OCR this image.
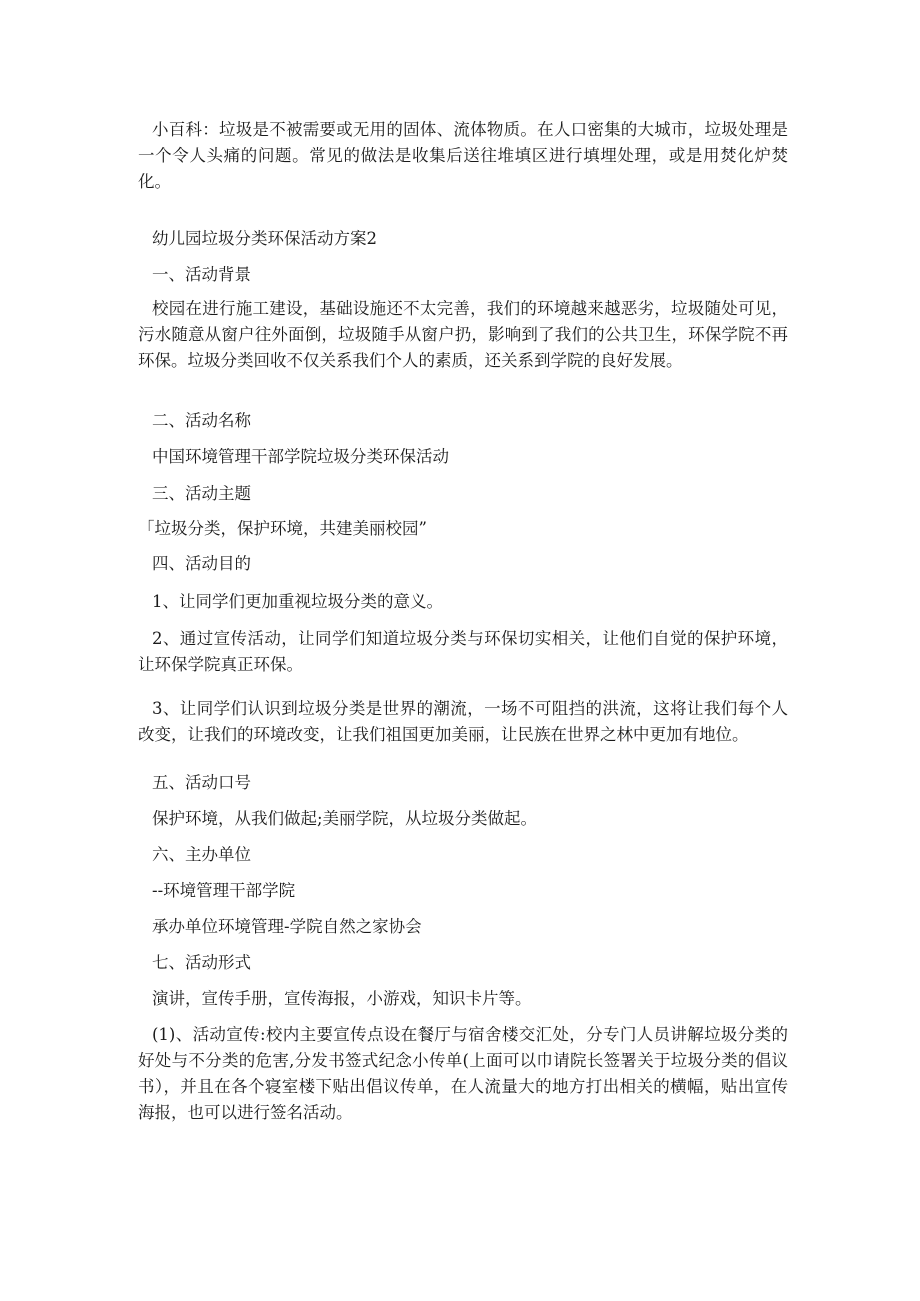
小百科：垃圾是不被需要或无用的固体、流体物质。在人口密集的大城市，垃圾处理是一个令人头痛的问题。常见的做法是收集后送往堆填区进行填埋处理，或是用焚化炉焚化。

幼儿园垃圾分类环保活动方案2

一、活动背景

校园在进行施工建设，基础设施还不太完善，我们的环境越来越恶劣，垃圾随处可见，污水随意从窗户往外面倒，垃圾随手从窗户扔，影响到了我们的公共卫生，环保学院不再环保。垃圾分类回收不仅关系我们个人的素质，还关系到学院的良好发展。

二、活动名称

中国环境管理干部学院垃圾分类环保活动

三、活动主题

「垃圾分类，保护环境，共建美丽校园”

四、活动目的

1、让同学们更加重视垃圾分类的意义。

2、通过宣传活动，让同学们知道垃圾分类与环保切实相关，让他们自觉的保护环境，让环保学院真正环保。

3、让同学们认识到垃圾分类是世界的潮流，一场不可阻挡的洪流，这将让我们每个人改变，让我们的环境改变，让我们祖国更加美丽，让民族在世界之林中更加有地位。

五、活动口号

保护环境，从我们做起;美丽学院，从垃圾分类做起。

六、主办单位

--环境管理干部学院

承办单位环境管理-学院自然之家协会

七、活动形式

演讲，宣传手册，宣传海报，小游戏，知识卡片等。

(1)、活动宣传:校内主要宣传点设在餐厅与宿舍楼交汇处，分专门人员讲解垃圾分类的好处与不分类的危害,分发书签式纪念小传单(上面可以巾请院长签署关于垃圾分类的倡议书），并且在各个寝室楼下贴出倡议传单，在人流量大的地方打出相关的横幅，贴出宣传海报，也可以进行签名活动。
